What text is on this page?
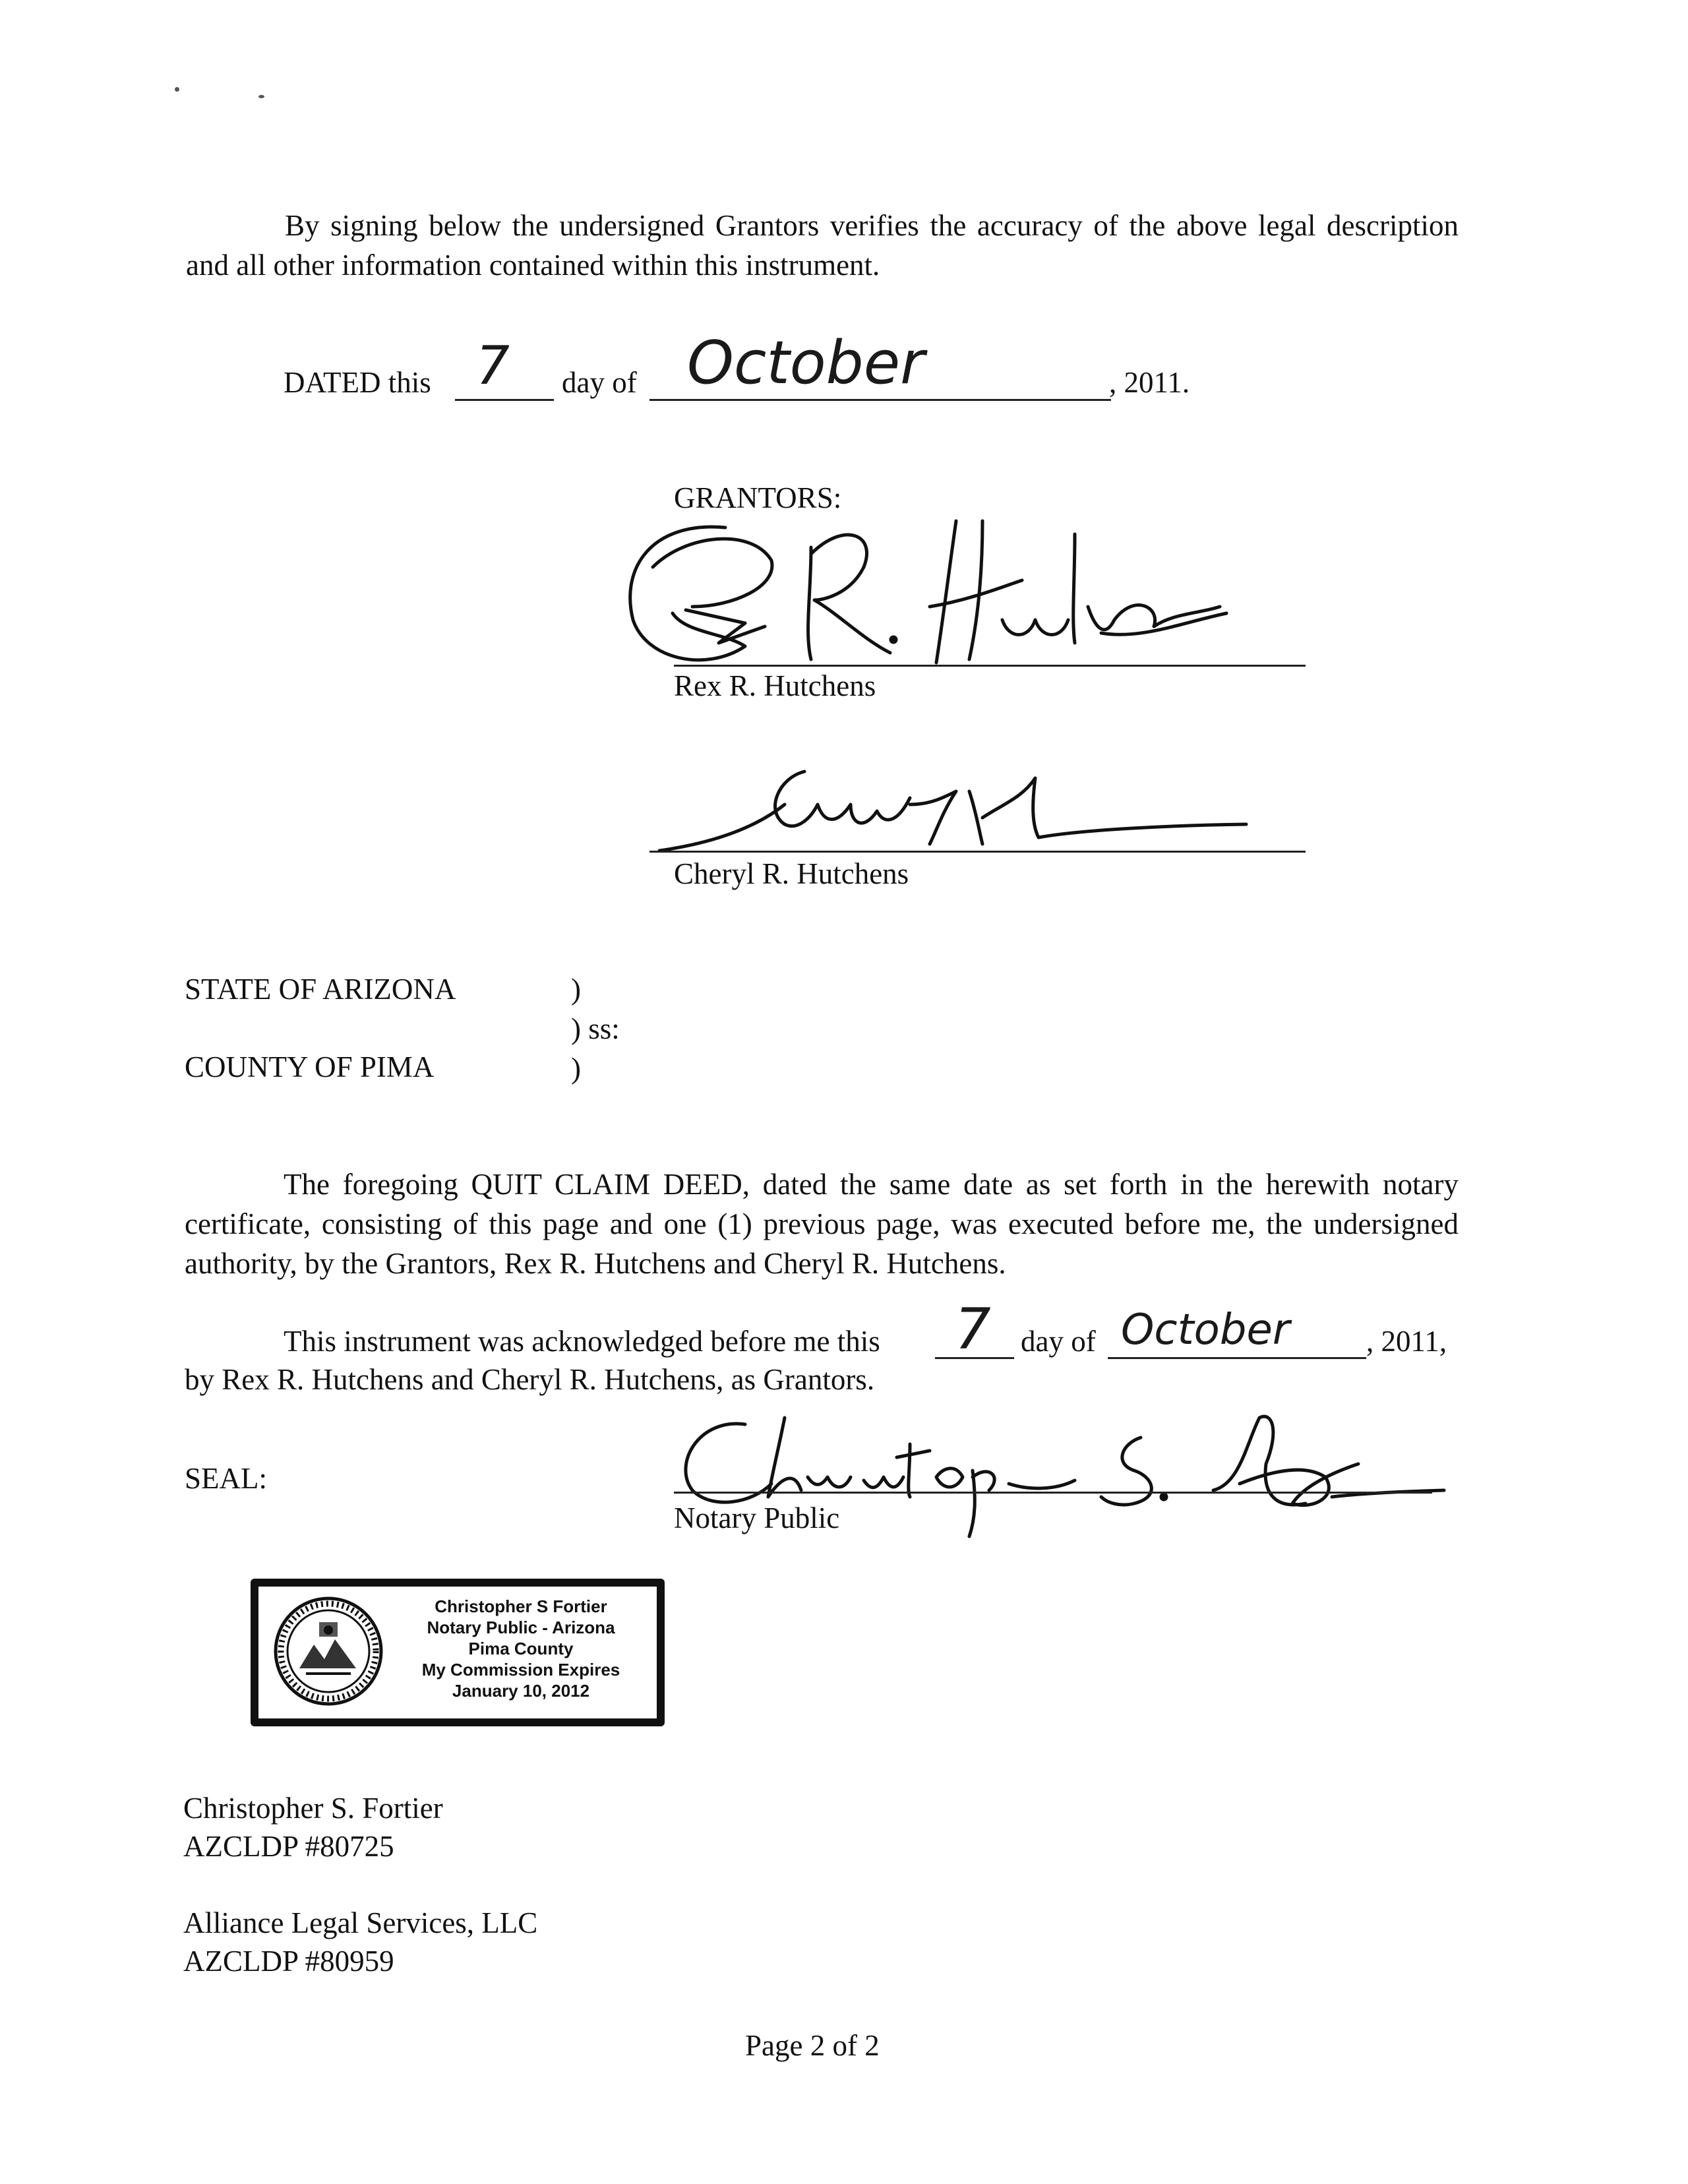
By signing below the undersigned Grantors verifies the accuracy of the above legal description and all other information contained within this instrument.

DATED this 7 day of October	, 2011.
GRANTORS:
Rex R. Hutchens
Cheryl R. Hutchens
STATE OF ARIZONA	)
) ss:
COUNTY OF PIMA	)

The foregoing QUIT CLAIM DEED, dated the same date as set forth in the herewith notary certificate, consisting of this page and one (1) previous page, was executed before me, the undersigned authority, by the Grantors, Rex R. Hutchens and Cheryl R. Hutchens.

This instrument was acknowledged before me this 7 day of October	, 2011,
by Rex R. Hutchens and Cheryl R. Hutchens, as Grantors.
SEAL:
Notary Public
Christopher S Fortier
Notary Public - Arizona
Pima County
My Commission Expires
January 10, 2012
Christopher S. Fortier
AZCLDP #80725
Alliance Legal Services, LLC
AZCLDP #80959
Page 2 of 2
